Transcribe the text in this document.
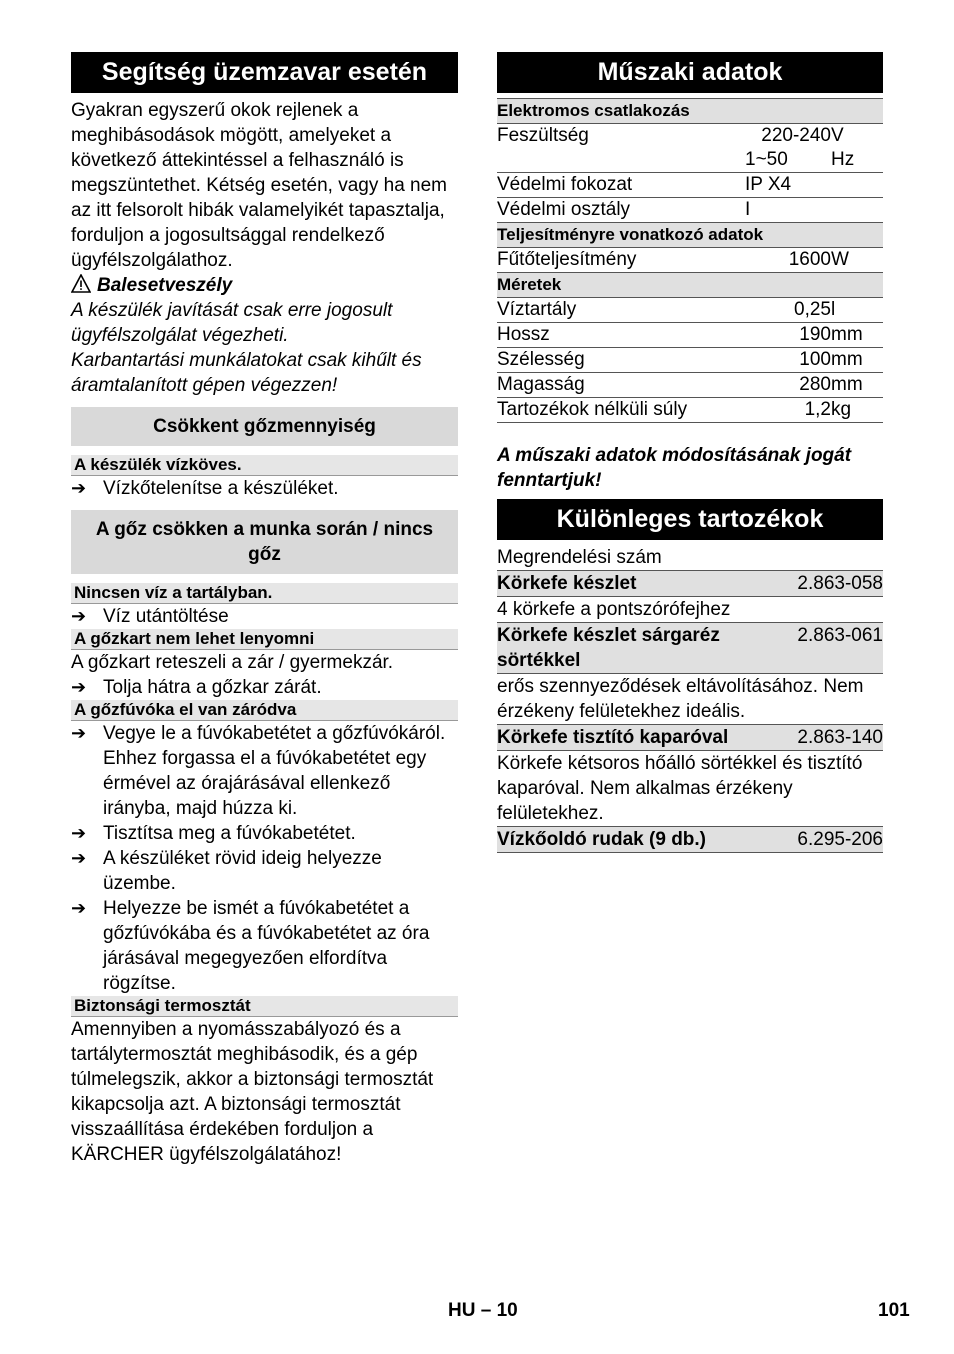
Segítség üzemzavar esetén

Gyakran egyszerű okok rejlenek a meghibásodások mögött, amelyeket a következő áttekintéssel a felhasználó is megszüntethet. Kétség esetén, vagy ha nem az itt felsorolt hibák valamelyikét tapasztalja, forduljon a jogosultsággal rendelkező ügyfélszolgálathoz.

Balesetveszély
A készülék javítását csak erre jogosult ügyfélszolgálat végezheti.
Karbantartási munkálatokat csak kihűlt és áramtalanított gépen végezzen!
Csökkent gőzmennyiség
A készülék vízköves.
➔ Vízkőtelenítse a készüléket.
A gőz csökken a munka során / nincs gőz
Nincsen víz a tartályban.
➔ Víz utántöltése
A gőzkart nem lehet lenyomni

A gőzkart reteszeli a zár / gyermekzár.

➔ Tolja hátra a gőzkar zárát.
A gőzfúvóka el van záródva
➔ Vegye le a fúvókabetétet a gőzfúvókáról. Ehhez forgassa el a fúvókabetétet egy érmével az órajárásával ellenkező irányba, majd húzza ki.
➔ Tisztítsa meg a fúvókabetétet.
➔ A készüléket rövid ideig helyezze üzembe.
➔ Helyezze be ismét a fúvókabetétet a gőzfúvókába és a fúvókabetétet az óra járásával megegyezően elfordítva rögzítse.
Biztonsági termosztát

Amennyiben a nyomásszabályozó és a tartálytermosztát meghibásodik, és a gép túlmelegszik, akkor a biztonsági termosztát kikapcsolja azt. A biztonsági termosztát visszaállítása érdekében forduljon a KÄRCHER ügyfélszolgálatához!

Műszaki adatok
Elektromos csatlakozás		
Feszültség	220-240	V
	1~50	Hz
Védelmi fokozat	IP X4	
Védelmi osztály	I	
Teljesítményre vonatkozó adatok		
Fűtőteljesítmény	1600	W
Méretek		
Víztartály	0,25	l
Hossz	190	mm
Szélesség	100	mm
Magasság	280	mm
Tartozékok nélküli súly	1,2	kg
A műszaki adatok módosításának jogát fenntartjuk!
Különleges tartozékok
Megrendelési szám
Körkefe készlet	2.863-058
4 körkefe a pontszórófejhez
Körkefe készlet sárgaréz sörtékkel
2.863-061
erős szennyeződések eltávolításához. Nem érzékeny felületekhez ideális.
Körkefe tisztító kaparóval	2.863-140
Körkefe kétsoros hőálló sörtékkel és tisztító kaparóval. Nem alkalmas érzékeny felületekhez.
Vízkőoldó rudak (9 db.)	6.295-206
HU – 10	101
